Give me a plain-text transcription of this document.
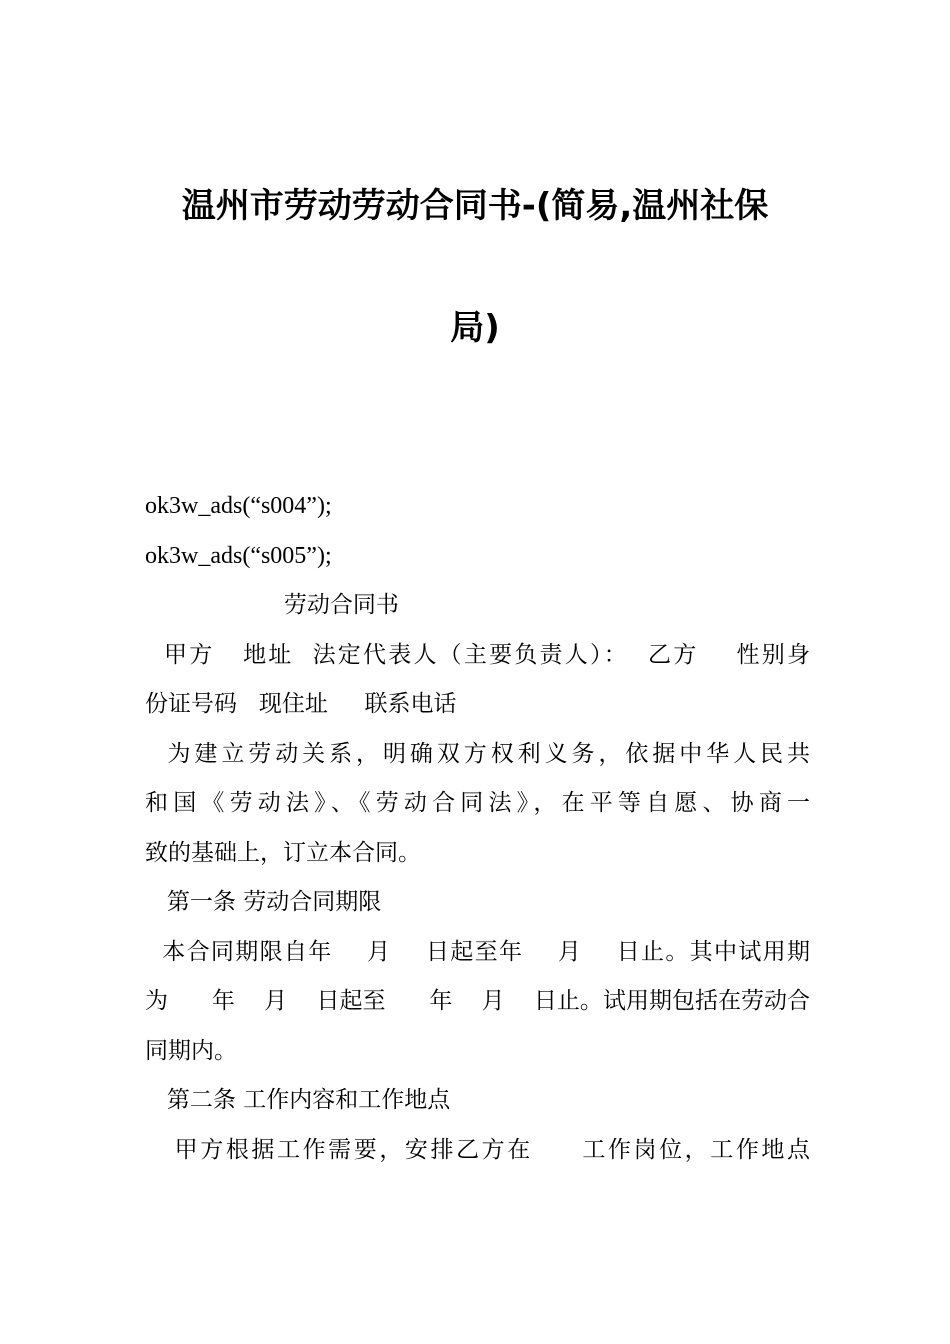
温州市劳动劳动合同书-(简易,温州社保
局)
ok3w_ads(“s004”);
ok3w_ads(“s005”);
劳动合同书
甲方   地址  法定代表人（主要负责人）：  乙方    性别身
份证号码   现住址     联系电话
为建立劳动关系，明确双方权利义务，依据中华人民共
和国《劳动法》、《劳动合同法》，在平等自愿、协商一
致的基础上，订立本合同。
第一条 劳动合同期限
本合同期限自年    月    日起至年    月    日止。其中试用期
为      年    月    日起至      年    月    日止。试用期包括在劳动合
同期内。
第二条 工作内容和工作地点
甲方根据工作需要，安排乙方在     工作岗位，工作地点
